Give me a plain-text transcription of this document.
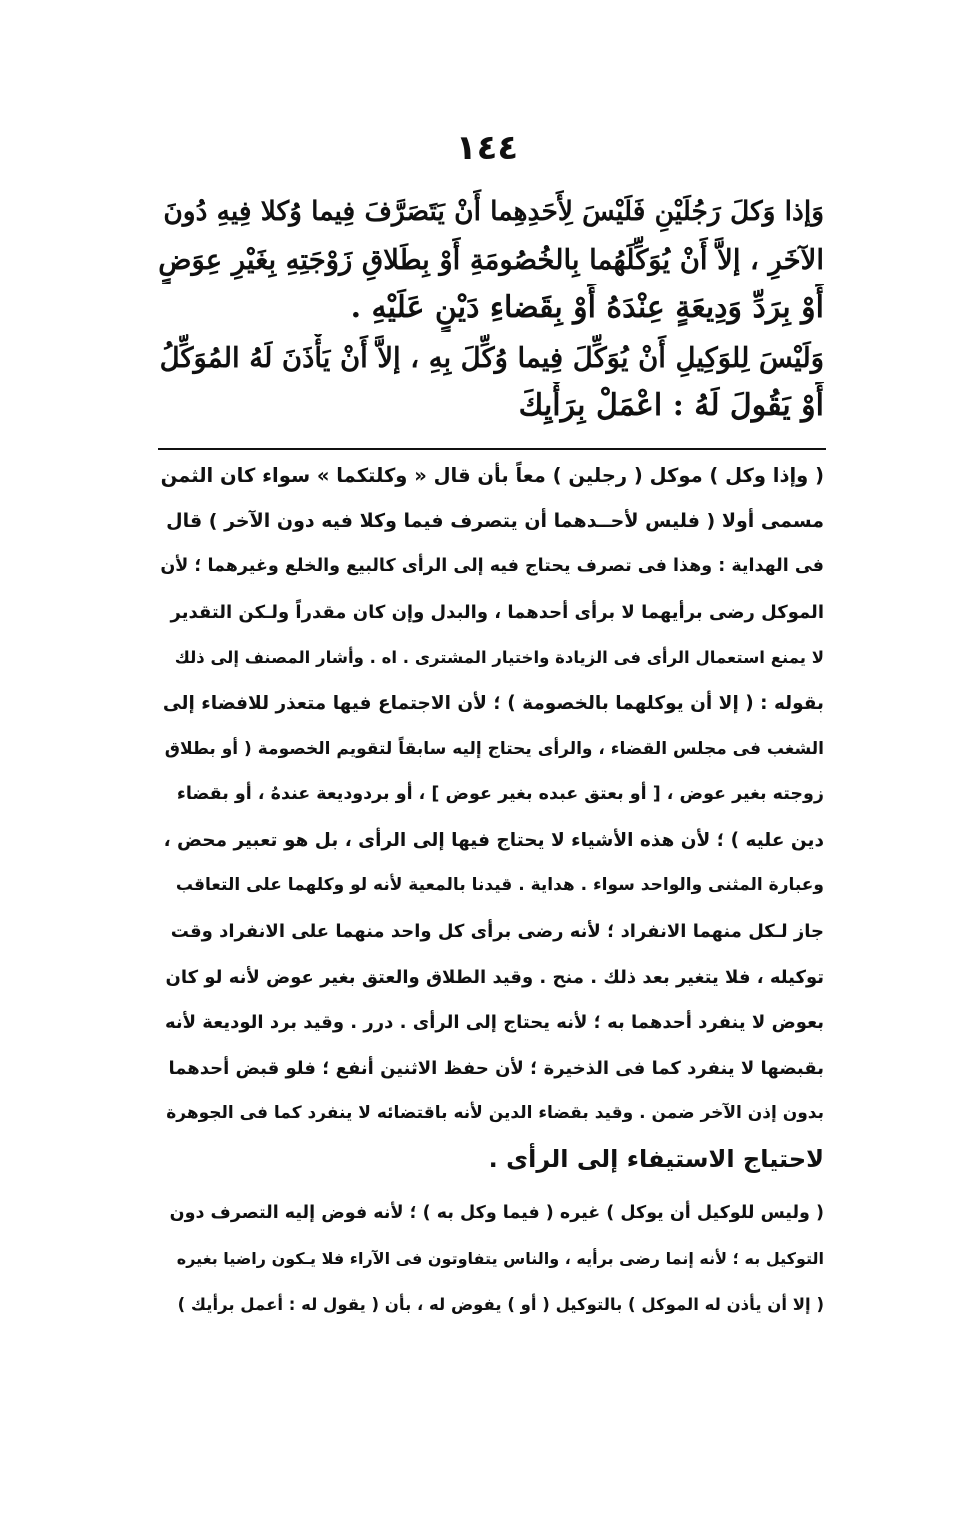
١٤٤
وَإذا وَكلَ رَجُلَيْنِ فَلَيْسَ لِأَحَدِهِما أَنْ يَتَصَرَّفَ فِيما وُكلا فِيهِ دُونَ
الآخَرِ ، إلاَّ أَنْ يُوَكِّلَهُما بِالخُصُومَةِ أَوْ بِطَلاقِ زَوْجَتِهِ بِغَيْرِ عِوَضٍ
أَوْ بِرَدِّ وَدِيعَةٍ عِنْدَهُ أَوْ بِقَضاءِ دَيْنٍ عَلَيْهِ .
وَلَيْسَ لِلوَكِيلِ أَنْ يُوَكِّلَ فِيما وُكِّلَ بِهِ ، إلاَّ أَنْ يَأْذَنَ لَهُ المُوَكِّلُ
أَوْ يَقُولَ لَهُ : اعْمَلْ بِرَأْيِكَ
( وإذا وكل ) موكل ( رجلين ) معاً بأن قال « وكلتكما » سواء كان الثمن
مسمى أولا ( فليس لأحــدهما أن يتصرف فيما وكلا فيه دون الآخر ) قال
فى الهداية : وهذا فى تصرف يحتاج فيه إلى الرأى كالبيع والخلع وغيرهما ؛ لأن
الموكل رضى برأيهما لا برأى أحدهما ، والبدل وإن كان مقدراً ولـكن التقدير
لا يمنع استعمال الرأى فى الزيادة واختيار المشترى . اه . وأشار المصنف إلى ذلك
بقوله : ( إلا أن يوكلهما بالخصومة ) ؛ لأن الاجتماع فيها متعذر للافضاء إلى
الشغب فى مجلس القضاء ، والرأى يحتاج إليه سابقاً لتقويم الخصومة ( أو بطلاق
زوجته بغير عوض ، [ أو بعتق عبده بغير عوض ] ، أو بردوديعة عندهُ ، أو بقضاء
دين عليه ) ؛ لأن هذه الأشياء لا يحتاج فيها إلى الرأى ، بل هو تعبير محض ،
وعبارة المثنى والواحد سواء . هداية . قيدنا بالمعية لأنه لو وكلهما على التعاقب
جاز لـكل منهما الانفراد ؛ لأنه رضى برأى كل واحد منهما على الانفراد وقت
توكيله ، فلا يتغير بعد ذلك . منح . وقيد الطلاق والعتق بغير عوض لأنه لو كان
بعوض لا ينفرد أحدهما به ؛ لأنه يحتاج إلى الرأى . درر . وقيد برد الوديعة لأنه
بقبضها لا ينفرد كما فى الذخيرة ؛ لأن حفظ الاثنين أنفع ؛ فلو قبض أحدهما
بدون إذن الآخر ضمن . وقيد بقضاء الدين لأنه باقتضائه لا ينفرد كما فى الجوهرة
لاحتياج الاستيفاء إلى الرأى .
( وليس للوكيل أن يوكل ) غيره ( فيما وكل به ) ؛ لأنه فوض إليه التصرف دون
التوكيل به ؛ لأنه إنما رضى برأيه ، والناس يتفاوتون فى الآراء فلا يـكون راضيا بغيره
( إلا أن يأذن له الموكل ) بالتوكيل ( أو ) يفوض له ، بأن ( يقول له : أعمل برأيك )
